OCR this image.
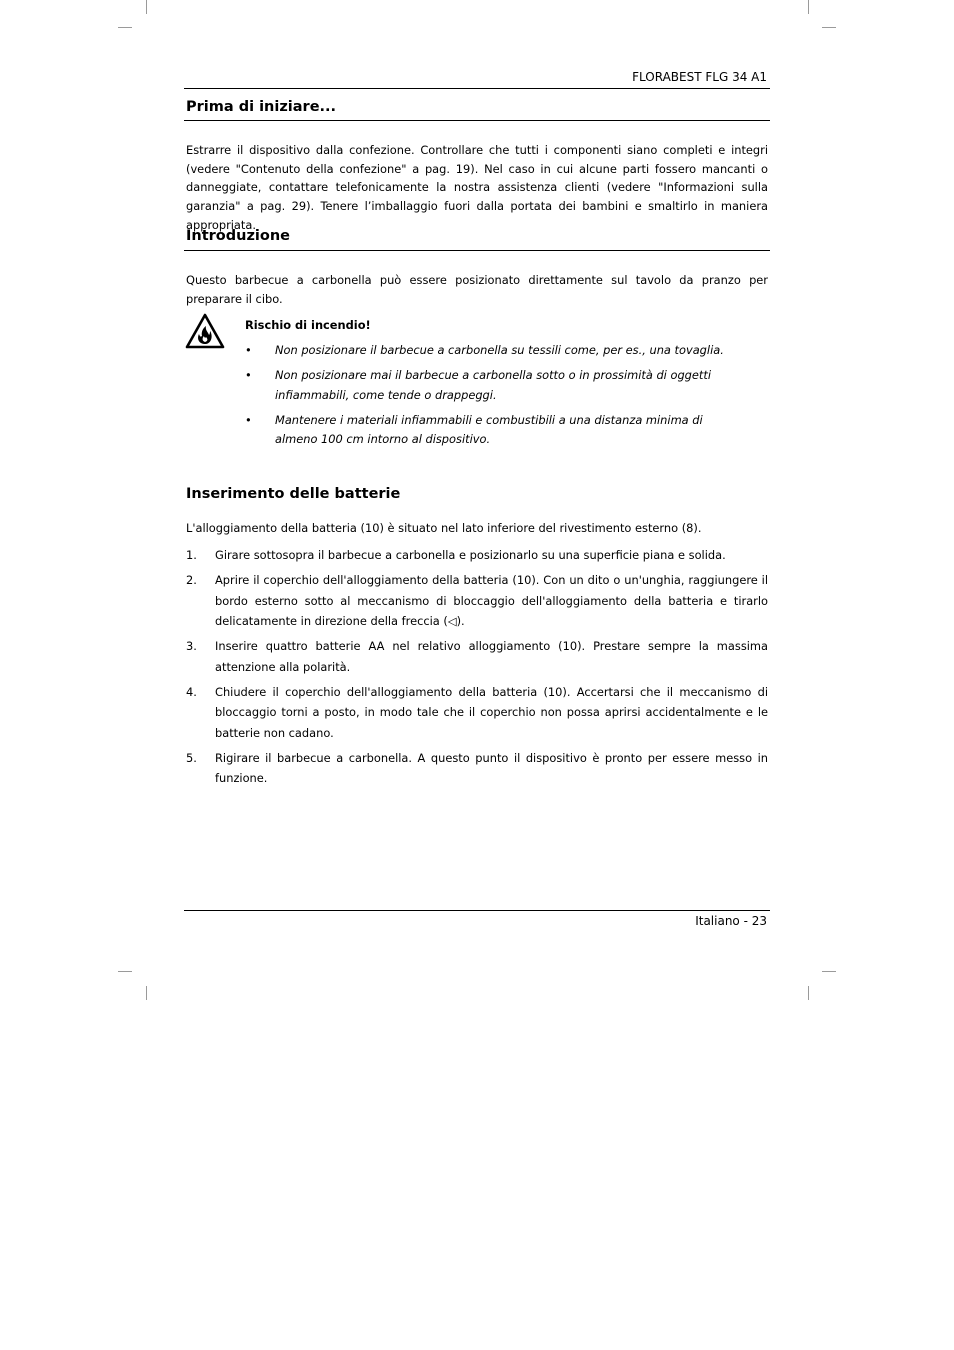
FLORABEST FLG 34 A1
Prima di iniziare...
Estrarre il dispositivo dalla confezione. Controllare che tutti i componenti siano completi e integri (vedere "Contenuto della confezione" a pag. 19). Nel caso in cui alcune parti fossero mancanti o danneggiate, contattare telefonicamente la nostra assistenza clienti (vedere "Informazioni sulla garanzia" a pag. 29). Tenere l’imballaggio fuori dalla portata dei bambini e smaltirlo in maniera appropriata.
Introduzione
Questo barbecue a carbonella può essere posizionato direttamente sul tavolo da pranzo per preparare il cibo.
Rischio di incendio!
• Non posizionare il barbecue a carbonella su tessili come, per es., una tovaglia.
• Non posizionare mai il barbecue a carbonella sotto o in prossimità di oggetti infiammabili, come tende o drappeggi.
• Mantenere i materiali infiammabili e combustibili a una distanza minima di almeno 100 cm intorno al dispositivo.
Inserimento delle batterie
L'alloggiamento della batteria (10) è situato nel lato inferiore del rivestimento esterno (8).
1. Girare sottosopra il barbecue a carbonella e posizionarlo su una superficie piana e solida.
2. Aprire il coperchio dell'alloggiamento della batteria (10). Con un dito o un'unghia, raggiungere il bordo esterno sotto al meccanismo di bloccaggio dell'alloggiamento della batteria e tirarlo delicatamente in direzione della freccia (◁).
3. Inserire quattro batterie AA nel relativo alloggiamento (10). Prestare sempre la massima attenzione alla polarità.
4. Chiudere il coperchio dell'alloggiamento della batteria (10). Accertarsi che il meccanismo di bloccaggio torni a posto, in modo tale che il coperchio non possa aprirsi accidentalmente e le batterie non cadano.
5. Rigirare il barbecue a carbonella. A questo punto il dispositivo è pronto per essere messo in funzione.
Italiano - 23
